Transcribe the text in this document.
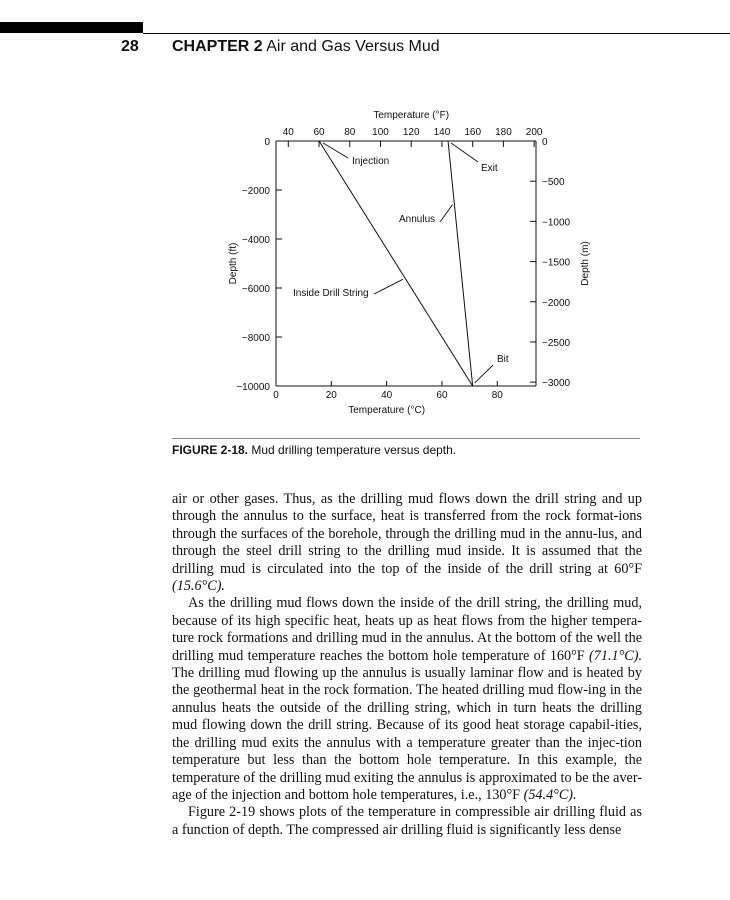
28 CHAPTER 2 Air and Gas Versus Mud
40 60 80 100 120 140 160 180 200
Temperature (°F)
0	20	40	60	80
Temperature (°C)
0
−2000
−4000
−6000
−8000
−10000
Depth (ft)
0
−500
−1000
−1500
−2000
−2500
−3000
Depth (m)
Injection
Exit
Annulus
Inside Drill String
Bit
FIGURE 2-18. Mud drilling temperature versus depth.

air or other gases. Thus, as the drilling mud flows down the drill string and up through the annulus to the surface, heat is transferred from the rock format-ions through the surfaces of the borehole, through the drilling mud in the annu-lus, and through the steel drill string to the drilling mud inside. It is assumed that the drilling mud is circulated into the top of the inside of the drill string at 60°F (15.6°C).

As the drilling mud flows down the inside of the drill string, the drilling mud, because of its high specific heat, heats up as heat flows from the higher tempera-ture rock formations and drilling mud in the annulus. At the bottom of the well the drilling mud temperature reaches the bottom hole temperature of 160°F (71.1°C). The drilling mud flowing up the annulus is usually laminar flow and is heated by the geothermal heat in the rock formation. The heated drilling mud flow-ing in the annulus heats the outside of the drilling string, which in turn heats the drilling mud flowing down the drill string. Because of its good heat storage capabil-ities, the drilling mud exits the annulus with a temperature greater than the injec-tion temperature but less than the bottom hole temperature. In this example, the temperature of the drilling mud exiting the annulus is approximated to be the aver-age of the injection and bottom hole temperatures, i.e., 130°F (54.4°C).

Figure 2-19 shows plots of the temperature in compressible air drilling fluid as a function of depth. The compressed air drilling fluid is significantly less dense
